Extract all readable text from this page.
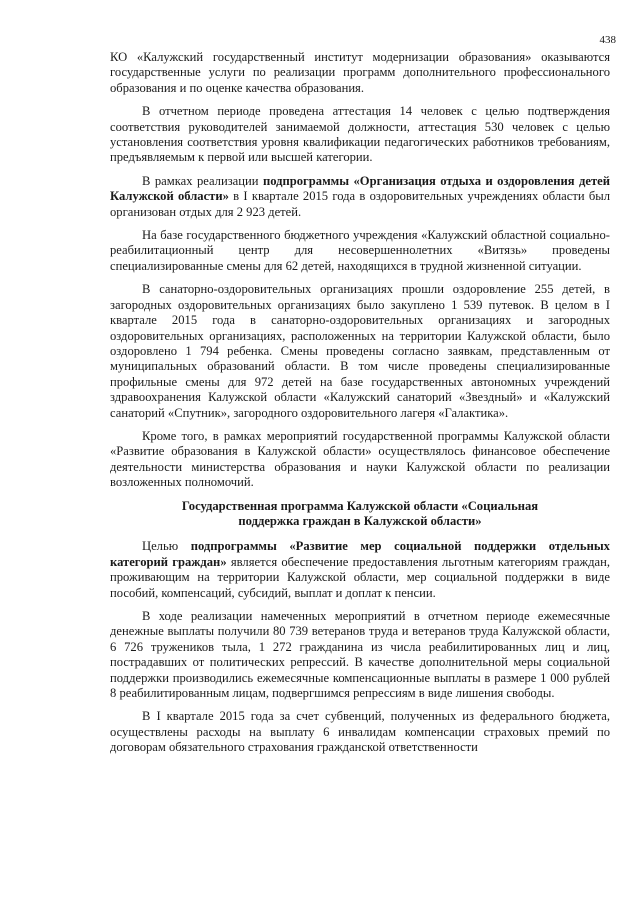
438

КО «Калужский государственный институт модернизации образования» оказываются государственные услуги по реализации программ дополнительного профессионального образования и по оценке качества образования.

В отчетном периоде проведена аттестация 14 человек с целью подтверждения соответствия руководителей занимаемой должности, аттестация 530 человек с целью установления соответствия уровня квалификации педагогических работников требованиям, предъявляемым к первой или высшей категории.

В рамках реализации подпрограммы «Организация отдыха и оздоровления детей Калужской области» в I квартале 2015 года в оздоровительных учреждениях области был организован отдых для 2 923 детей.

На базе государственного бюджетного учреждения «Калужский областной социально-реабилитационный центр для несовершеннолетних «Витязь» проведены специализированные смены для 62 детей, находящихся в трудной жизненной ситуации.

В санаторно-оздоровительных организациях прошли оздоровление 255 детей, в загородных оздоровительных организациях было закуплено 1 539 путевок. В целом в I квартале 2015 года в санаторно-оздоровительных организациях и загородных оздоровительных организациях, расположенных на территории Калужской области, было оздоровлено 1 794 ребенка. Смены проведены согласно заявкам, представленным от муниципальных образований области. В том числе проведены специализированные профильные смены для 972 детей на базе государственных автономных учреждений здравоохранения Калужской области «Калужский санаторий «Звездный» и «Калужский санаторий «Спутник», загородного оздоровительного лагеря «Галактика».

Кроме того, в рамках мероприятий государственной программы Калужской области «Развитие образования в Калужской области» осуществлялось финансовое обеспечение деятельности министерства образования и науки Калужской области по реализации возложенных полномочий.

Государственная программа Калужской области «Социальная поддержка граждан в Калужской области»

Целью подпрограммы «Развитие мер социальной поддержки отдельных категорий граждан» является обеспечение предоставления льготным категориям граждан, проживающим на территории Калужской области, мер социальной поддержки в виде пособий, компенсаций, субсидий, выплат и доплат к пенсии.

В ходе реализации намеченных мероприятий в отчетном периоде ежемесячные денежные выплаты получили 80 739 ветеранов труда и ветеранов труда Калужской области, 6 726 тружеников тыла, 1 272 гражданина из числа реабилитированных лиц и лиц, пострадавших от политических репрессий. В качестве дополнительной меры социальной поддержки производились ежемесячные компенсационные выплаты в размере 1 000 рублей 8 реабилитированным лицам, подвергшимся репрессиям в виде лишения свободы.

В I квартале 2015 года за счет субвенций, полученных из федерального бюджета, осуществлены расходы на выплату 6 инвалидам компенсации страховых премий по договорам обязательного страхования гражданской ответственности
